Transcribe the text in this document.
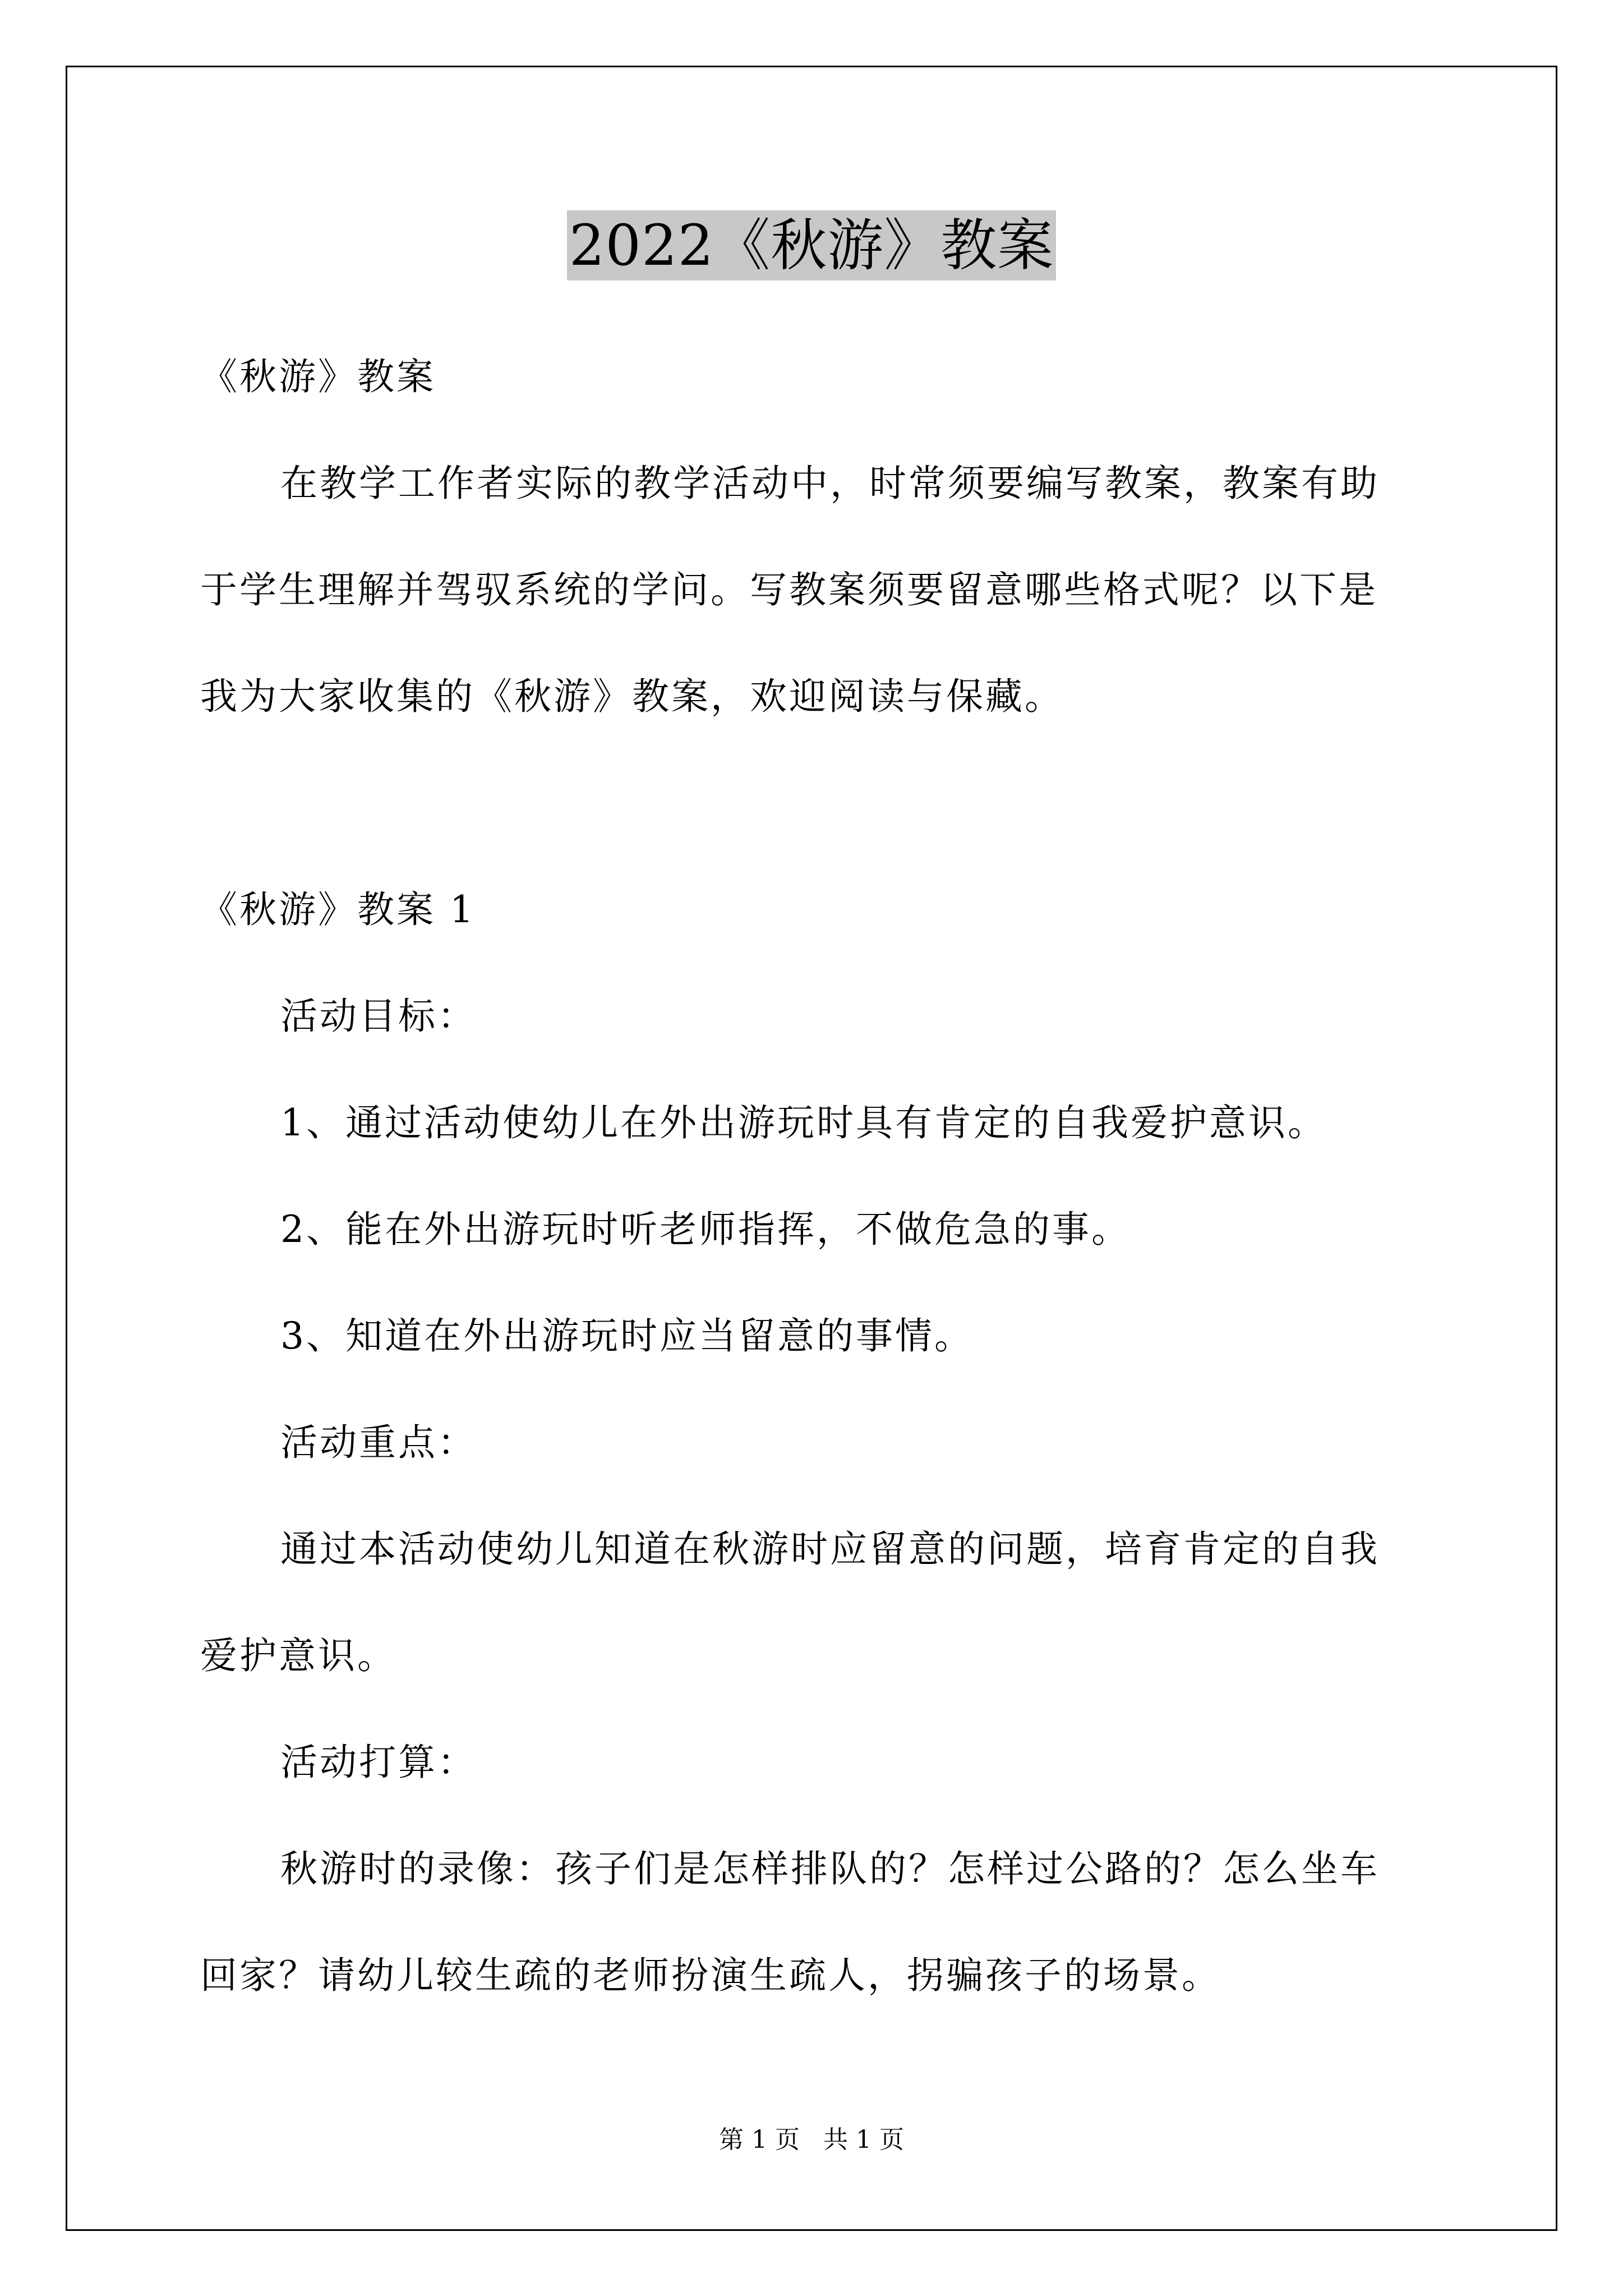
2022《秋游》教案
《秋游》教案
在教学工作者实际的教学活动中，时常须要编写教案，教案有助
于学生理解并驾驭系统的学问。写教案须要留意哪些格式呢？以下是
我为大家收集的《秋游》教案，欢迎阅读与保藏。
《秋游》教案 1
活动目标：
1、通过活动使幼儿在外出游玩时具有肯定的自我爱护意识。
2、能在外出游玩时听老师指挥，不做危急的事。
3、知道在外出游玩时应当留意的事情。
活动重点：
通过本活动使幼儿知道在秋游时应留意的问题，培育肯定的自我
爱护意识。
活动打算：
秋游时的录像：孩子们是怎样排队的？怎样过公路的？怎么坐车
回家？请幼儿较生疏的老师扮演生疏人，拐骗孩子的场景。
第 1 页 共 1 页
